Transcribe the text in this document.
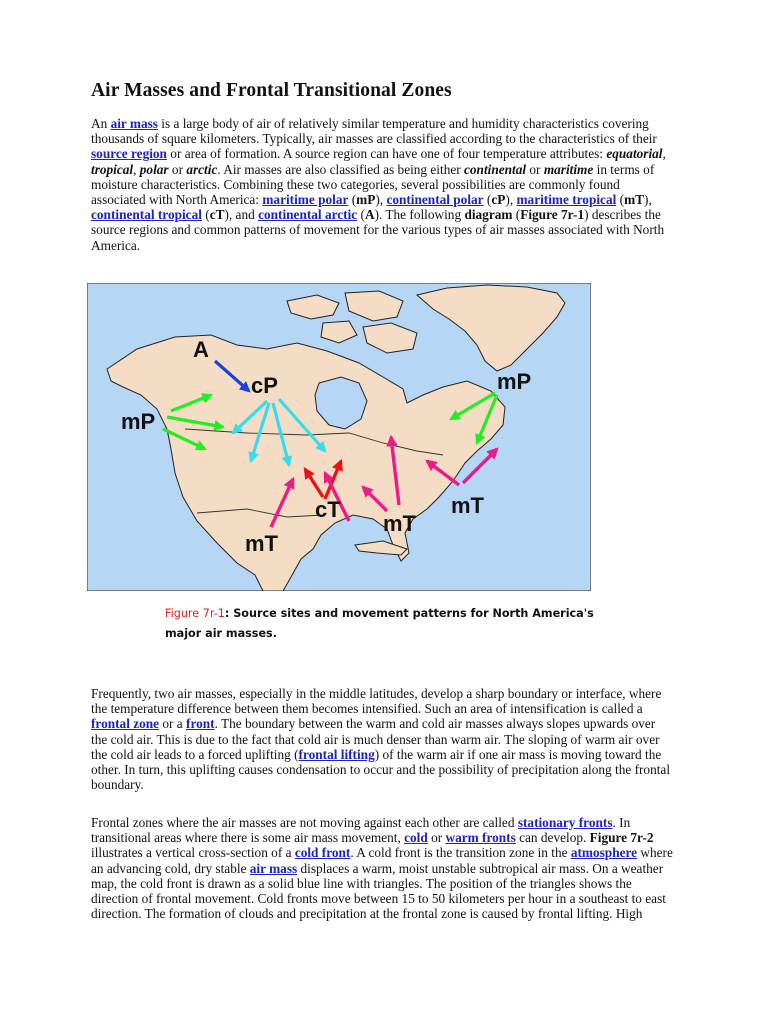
Air Masses and Frontal Transitional Zones

An air mass is a large body of air of relatively similar temperature and humidity characteristics covering thousands of square kilometers. Typically, air masses are classified according to the characteristics of their source region or area of formation. A source region can have one of four temperature attributes: equatorial, tropical, polar or arctic. Air masses are also classified as being either continental or maritime in terms of moisture characteristics. Combining these two categories, several possibilities are commonly found associated with North America: maritime polar (mP), continental polar (cP), maritime tropical (mT), continental tropical (cT), and continental arctic (A). The following diagram (Figure 7r-1) describes the source regions and common patterns of movement for the various types of air masses associated with North America.

A
cP
mP
mP
cT
mT
mT
mT
Figure 7r-1: Source sites and movement patterns for North America's major air masses.

Frequently, two air masses, especially in the middle latitudes, develop a sharp boundary or interface, where the temperature difference between them becomes intensified. Such an area of intensification is called a frontal zone or a front. The boundary between the warm and cold air masses always slopes upwards over the cold air. This is due to the fact that cold air is much denser than warm air. The sloping of warm air over the cold air leads to a forced uplifting (frontal lifting) of the warm air if one air mass is moving toward the other. In turn, this uplifting causes condensation to occur and the possibility of precipitation along the frontal boundary.

Frontal zones where the air masses are not moving against each other are called stationary fronts. In transitional areas where there is some air mass movement, cold or warm fronts can develop. Figure 7r-2 illustrates a vertical cross-section of a cold front. A cold front is the transition zone in the atmosphere where an advancing cold, dry stable air mass displaces a warm, moist unstable subtropical air mass. On a weather map, the cold front is drawn as a solid blue line with triangles. The position of the triangles shows the direction of frontal movement. Cold fronts move between 15 to 50 kilometers per hour in a southeast to east direction. The formation of clouds and precipitation at the frontal zone is caused by frontal lifting. High
